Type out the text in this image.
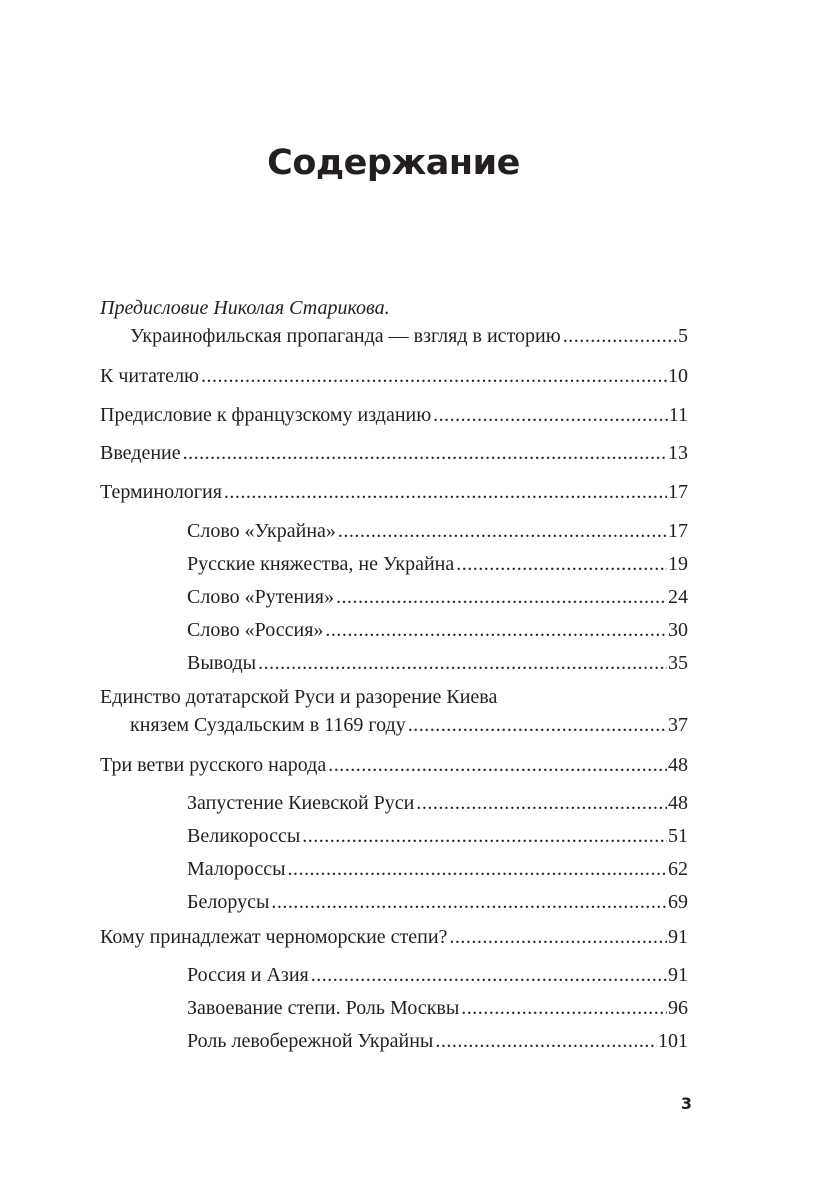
Содержание
Предисловие Николая Старикова.
Украинофильская пропаганда — взгляд в историю .....	5
К читателю .....	10
Предисловие к французскому изданию .....	11
Введение .....	13
Терминология .....	17
Слово «Украйна» .....	17
Русские княжества, не Украйна .....	19
Слово «Рутения» .....	24
Слово «Россия» .....	30
Выводы .....	35
Единство дотатарской Руси и разорение Киева
князем Суздальским в 1169 году .....	37
Три ветви русского народа .....	48
Запустение Киевской Руси .....	48
Великороссы .....	51
Малороссы .....	62
Белорусы .....	69
Кому принадлежат черноморские степи? .....	91
Россия и Азия .....	91
Завоевание степи. Роль Москвы .....	96
Роль левобережной Украйны .....	101
3
